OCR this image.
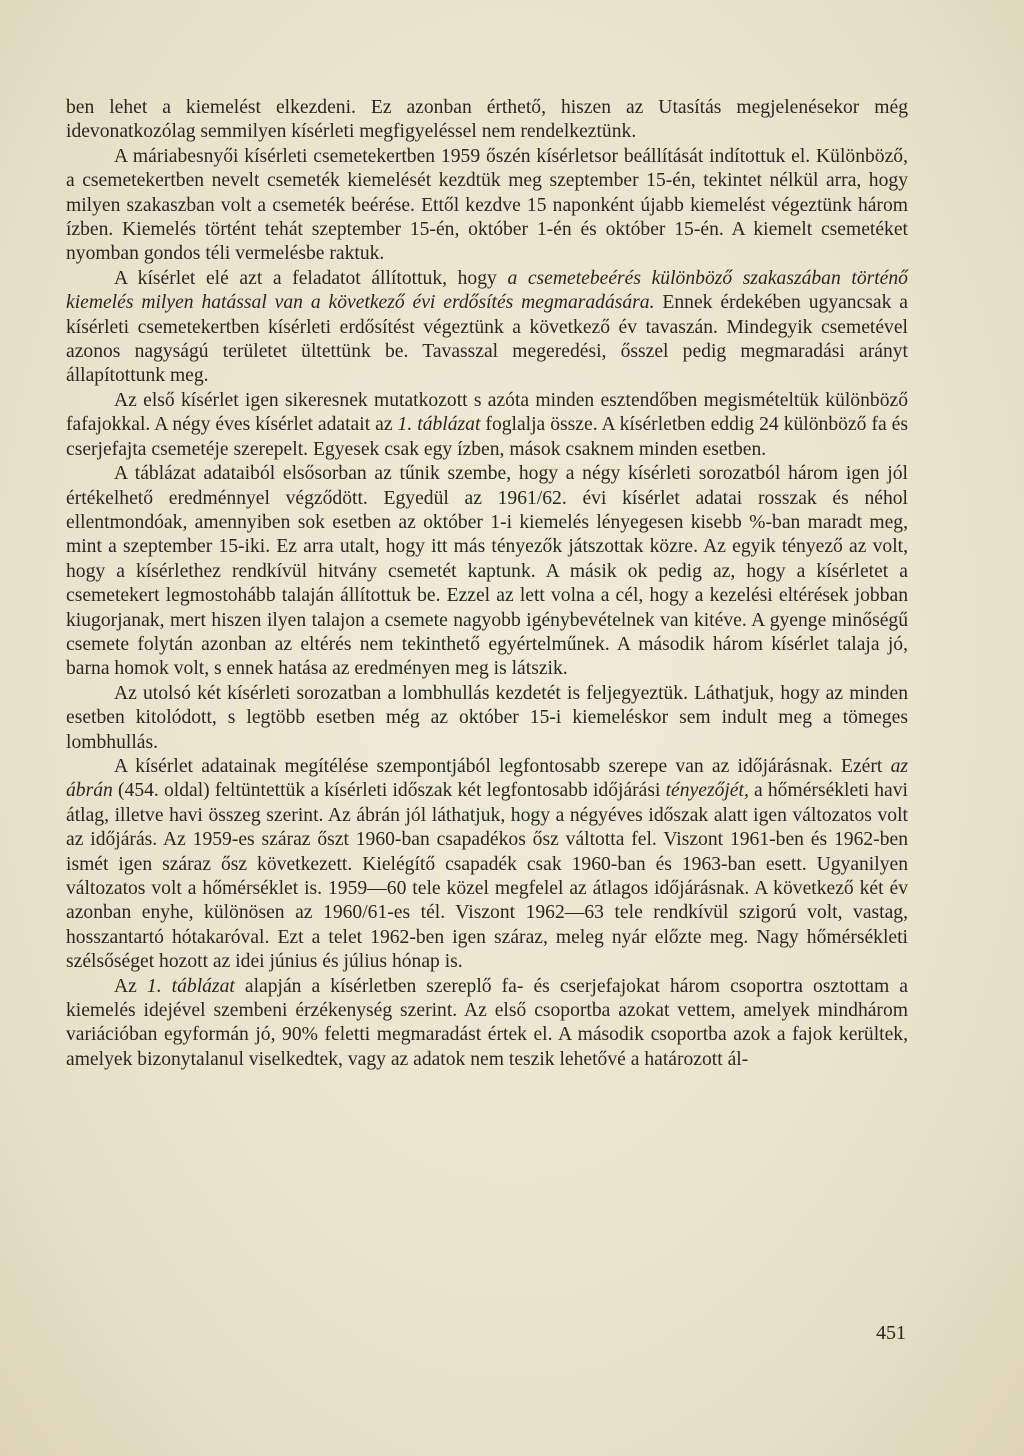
ben lehet a kiemelést elkezdeni. Ez azonban érthető, hiszen az Utasítás megjelenésekor még idevonatkozólag semmilyen kísérleti megfigyeléssel nem rendelkeztünk.

A máriabesnyői kísérleti csemetekertben 1959 őszén kísérletsor beállítását indítottuk el. Különböző, a csemetekertben nevelt csemeték kiemelését kezdtük meg szeptember 15-én, tekintet nélkül arra, hogy milyen szakaszban volt a csemeték beérése. Ettől kezdve 15 naponként újabb kiemelést végeztünk három ízben. Kiemelés történt tehát szeptember 15-én, október 1-én és október 15-én. A kiemelt csemetéket nyomban gondos téli vermelésbe raktuk.

A kísérlet elé azt a feladatot állítottuk, hogy a csemetebeérés különböző szakaszában történő kiemelés milyen hatással van a következő évi erdősítés megmaradására. Ennek érdekében ugyancsak a kísérleti csemetekertben kísérleti erdősítést végeztünk a következő év tavaszán. Mindegyik csemetével azonos nagyságú területet ültettünk be. Tavasszal megeredési, ősszel pedig megmaradási arányt állapítottunk meg.

Az első kísérlet igen sikeresnek mutatkozott s azóta minden esztendőben megismételtük különböző fafajokkal. A négy éves kísérlet adatait az 1. táblázat foglalja össze. A kísérletben eddig 24 különböző fa és cserjefajta csemetéje szerepelt. Egyesek csak egy ízben, mások csaknem minden esetben.

A táblázat adataiból elsősorban az tűnik szembe, hogy a négy kísérleti sorozatból három igen jól értékelhető eredménnyel végződött. Egyedül az 1961/62. évi kísérlet adatai rosszak és néhol ellentmondóak, amennyiben sok esetben az október 1-i kiemelés lényegesen kisebb %-ban maradt meg, mint a szeptember 15-iki. Ez arra utalt, hogy itt más tényezők játszottak közre. Az egyik tényező az volt, hogy a kísérlethez rendkívül hitvány csemetét kaptunk. A másik ok pedig az, hogy a kísérletet a csemetekert legmostohább talaján állítottuk be. Ezzel az lett volna a cél, hogy a kezelési eltérések jobban kiugorjanak, mert hiszen ilyen talajon a csemete nagyobb igénybevételnek van kitéve. A gyenge minőségű csemete folytán azonban az eltérés nem tekinthető egyértelműnek. A második három kísérlet talaja jó, barna homok volt, s ennek hatása az eredményen meg is látszik.

Az utolsó két kísérleti sorozatban a lombhullás kezdetét is feljegyeztük. Láthatjuk, hogy az minden esetben kitolódott, s legtöbb esetben még az október 15-i kiemeléskor sem indult meg a tömeges lombhullás.

A kísérlet adatainak megítélése szempontjából legfontosabb szerepe van az időjárásnak. Ezért az ábrán (454. oldal) feltüntettük a kísérleti időszak két legfontosabb időjárási tényezőjét, a hőmérsékleti havi átlag, illetve havi összeg szerint. Az ábrán jól láthatjuk, hogy a négyéves időszak alatt igen változatos volt az időjárás. Az 1959-es száraz őszt 1960-ban csapadékos ősz váltotta fel. Viszont 1961-ben és 1962-ben ismét igen száraz ősz következett. Kielégítő csapadék csak 1960-ban és 1963-ban esett. Ugyanilyen változatos volt a hőmérséklet is. 1959—60 tele közel megfelel az átlagos időjárásnak. A következő két év azonban enyhe, különösen az 1960/61-es tél. Viszont 1962—63 tele rendkívül szigorú volt, vastag, hosszantartó hótakaróval. Ezt a telet 1962-ben igen száraz, meleg nyár előzte meg. Nagy hőmérsékleti szélsőséget hozott az idei június és július hónap is.

Az 1. táblázat alapján a kísérletben szereplő fa- és cserjefajokat három csoportra osztottam a kiemelés idejével szembeni érzékenység szerint. Az első csoportba azokat vettem, amelyek mindhárom variációban egyformán jó, 90% feletti megmaradást értek el. A második csoportba azok a fajok kerültek, amelyek bizonytalanul viselkedtek, vagy az adatok nem teszik lehetővé a határozott ál-

451
